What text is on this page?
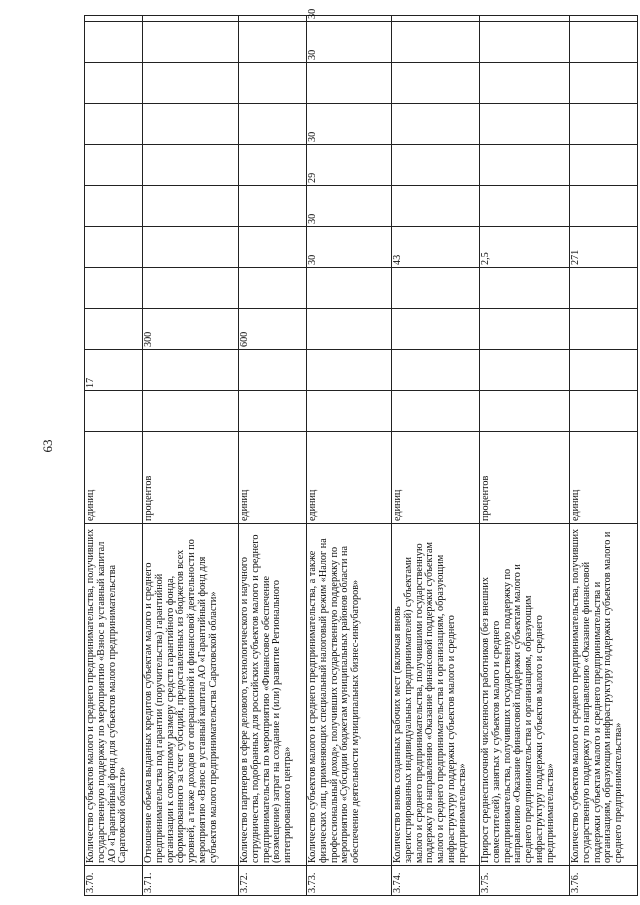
63
3.70.	Количество субъектов малого и среднего предпринимательства, получивших государственную поддержку по мероприятию «Взнос в уставный капитал АО «Гарантийный фонд для субъектов малого предпринимательства Саратовской области»	единиц		17										
3.71.	Отношение объема выданных кредитов субъектам малого и среднего предпринимательства под гарантии (поручительства) гарантийной организации к совокупному размеру средств гарантийного фонда, сформированного за счет субсидий, предоставленных из бюджетов всех уровней, а также доходов от операционной и финансовой деятельности по мероприятию «Взнос в уставный капитал АО «Гарантийный фонд для субъектов малого предпринимательства Саратовской области»	процентов			300									
3.72.	Количество партнеров в сфере делового, технологического и научного сотрудничества, подобранных для российских субъектов малого и среднего предпринимательства по мероприятию «Финансовое обеспечение (возмещение) затрат на создание и (или) развитие Регионального интегрированного центра»	единиц			600									
3.73.	Количество субъектов малого и среднего предпринимательства, а также физических лиц, применяющих специальный налоговый режим «Налог на профессиональный доход», получивших государственную поддержку по мероприятию «Субсидии бюджетам муниципальных районов области на обеспечение деятельности муниципальных бизнес-инкубаторов»	единиц					30	30	29	30		30	30	
3.74.	Количество вновь созданных рабочих мест (включая вновь зарегистрированных индивидуальных предпринимателей) субъектами малого и среднего предпринимательства, получившими государственную поддержку по направлению «Оказание финансовой поддержки субъектам малого и среднего предпринимательства и организациям, образующим инфраструктуру поддержки субъектов малого и среднего предпринимательства»	единиц					43							
3.75.	Прирост среднесписочной численности работников (без внешних совместителей), занятых у субъектов малого и среднего предпринимательства, получивших государственную поддержку по направлению «Оказание финансовой поддержки субъектам малого и среднего предпринимательства и организациям, образующим инфраструктуру поддержки субъектов малого и среднего предпринимательства»	процентов					2,5							
3.76.	Количество субъектов малого и среднего предпринимательства, получивших государственную поддержку по направлению «Оказание финансовой поддержки субъектам малого и среднего предпринимательства и организациям, образующим инфраструктуру поддержки субъектов малого и среднего предпринимательства»	единиц					271							
